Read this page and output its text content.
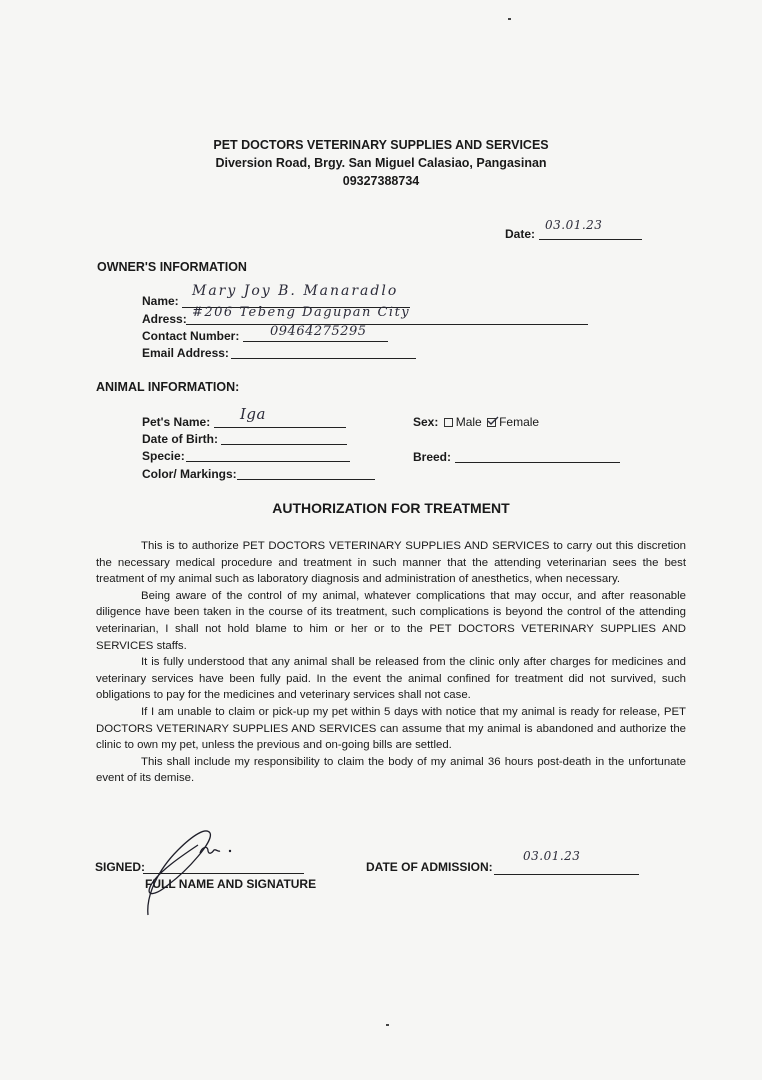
PET DOCTORS VETERINARY SUPPLIES AND SERVICES
Diversion Road, Brgy. San Miguel Calasiao, Pangasinan
09327388734
Date:
03.01.23
OWNER'S INFORMATION
Name:
Mary Joy B. Manaradlo
Adress: #206 Tebeng Dagupan City
Contact Number: 09464275295
Email Address:
ANIMAL INFORMATION:
Pet's Name: Iga
Date of Birth:
Specie:
Color/ Markings:
Sex: Male Female
Breed:
AUTHORIZATION FOR TREATMENT

This is to authorize PET DOCTORS VETERINARY SUPPLIES AND SERVICES to carry out this discretion the necessary medical procedure and treatment in such manner that the attending veterinarian sees the best treatment of my animal such as laboratory diagnosis and administration of anesthetics, when necessary.

Being aware of the control of my animal, whatever complications that may occur, and after reasonable diligence have been taken in the course of its treatment, such complications is beyond the control of the attending veterinarian, I shall not hold blame to him or her or to the PET DOCTORS VETERINARY SUPPLIES AND SERVICES staffs.

It is fully understood that any animal shall be released from the clinic only after charges for medicines and veterinary services have been fully paid. In the event the animal confined for treatment did not survived, such obligations to pay for the medicines and veterinary services shall not case.

If I am unable to claim or pick-up my pet within 5 days with notice that my animal is ready for release, PET DOCTORS VETERINARY SUPPLIES AND SERVICES can assume that my animal is abandoned and authorize the clinic to own my pet, unless the previous and on-going bills are settled.

This shall include my responsibility to claim the body of my animal 36 hours post-death in the unfortunate event of its demise.

SIGNED:
FULL NAME AND SIGNATURE
DATE OF ADMISSION:
03.01.23
